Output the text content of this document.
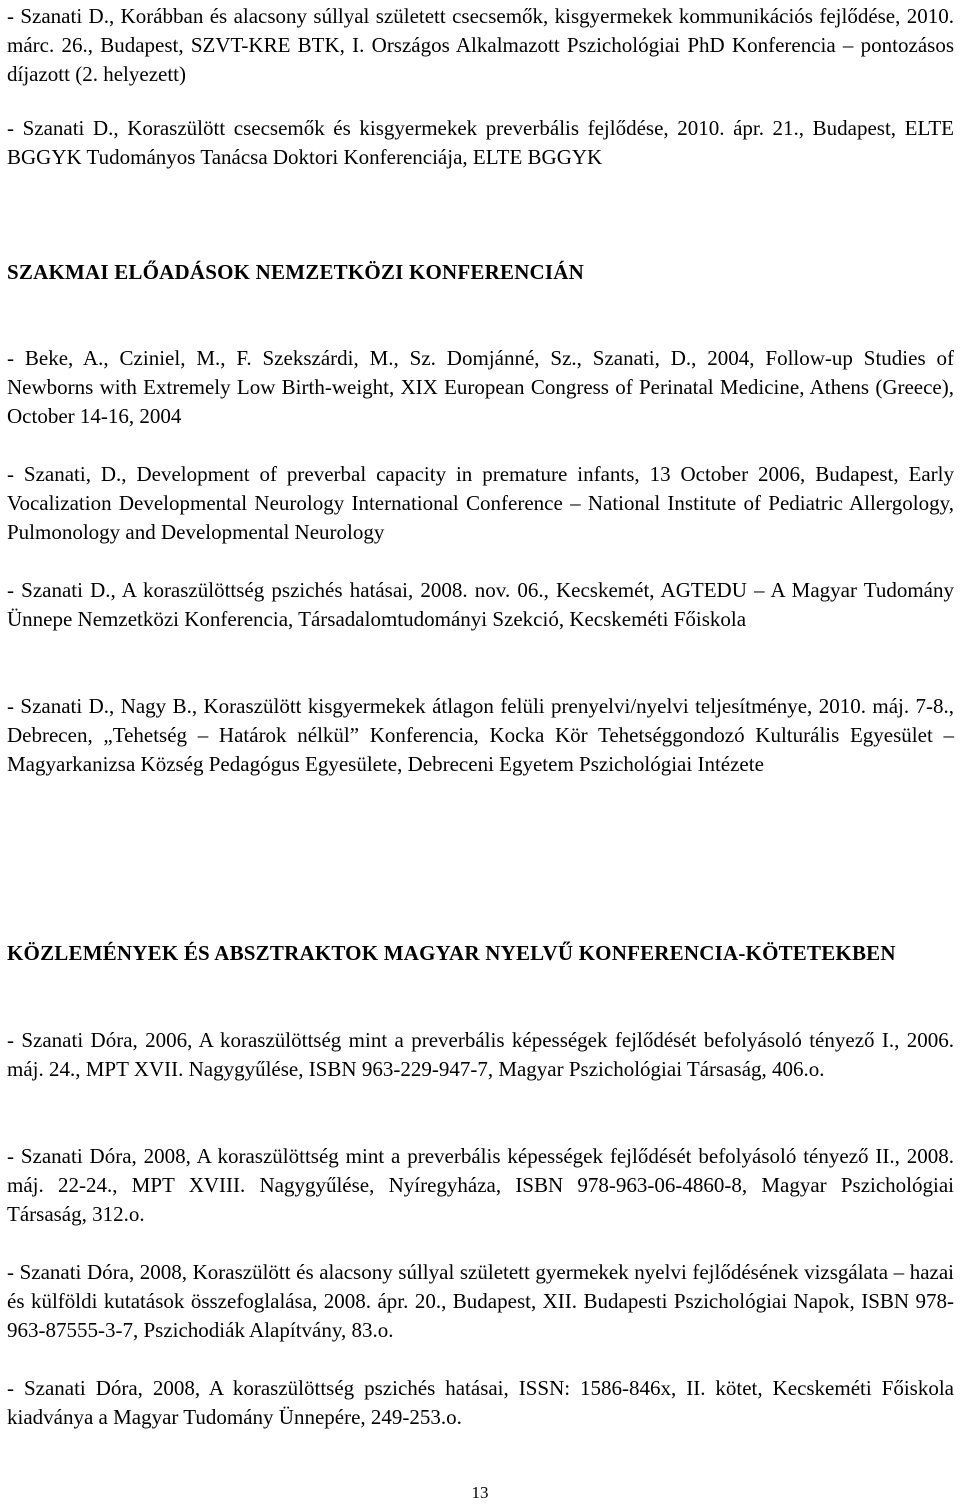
- Szanati D., Korábban és alacsony súllyal született csecsemők, kisgyermekek kommunikációs fejlődése, 2010. márc. 26., Budapest, SZVT-KRE BTK, I. Országos Alkalmazott Pszichológiai PhD Konferencia – pontozásos díjazott (2. helyezett)

- Szanati D., Koraszülött csecsemők és kisgyermekek preverbális fejlődése, 2010. ápr. 21., Budapest, ELTE BGGYK Tudományos Tanácsa Doktori Konferenciája, ELTE BGGYK

SZAKMAI ELŐADÁSOK NEMZETKÖZI KONFERENCIÁN

- Beke, A., Cziniel, M., F. Szekszárdi, M., Sz. Domjánné, Sz., Szanati, D., 2004, Follow-up Studies of Newborns with Extremely Low Birth-weight, XIX European Congress of Perinatal Medicine, Athens (Greece), October 14-16, 2004

- Szanati, D., Development of preverbal capacity in premature infants, 13 October 2006, Budapest, Early Vocalization Developmental Neurology International Conference – National Institute of Pediatric Allergology, Pulmonology and Developmental Neurology

- Szanati D., A koraszülöttség pszichés hatásai, 2008. nov. 06., Kecskemét, AGTEDU – A Magyar Tudomány Ünnepe Nemzetközi Konferencia, Társadalomtudományi Szekció, Kecskeméti Főiskola

- Szanati D., Nagy B., Koraszülött kisgyermekek átlagon felüli prenyelvi/nyelvi teljesítménye, 2010. máj. 7-8., Debrecen, „Tehetség – Határok nélkül” Konferencia, Kocka Kör Tehetséggondozó Kulturális Egyesület – Magyarkanizsa Község Pedagógus Egyesülete, Debreceni Egyetem Pszichológiai Intézete

KÖZLEMÉNYEK ÉS ABSZTRAKTOK MAGYAR NYELVŰ KONFERENCIA-KÖTETEKBEN

- Szanati Dóra, 2006, A koraszülöttség mint a preverbális képességek fejlődését befolyásoló tényező I., 2006. máj. 24., MPT XVII. Nagygyűlése, ISBN 963-229-947-7, Magyar Pszichológiai Társaság, 406.o.

- Szanati Dóra, 2008, A koraszülöttség mint a preverbális képességek fejlődését befolyásoló tényező II., 2008. máj. 22-24., MPT XVIII. Nagygyűlése, Nyíregyháza, ISBN 978-963-06-4860-8, Magyar Pszichológiai Társaság, 312.o.

- Szanati Dóra, 2008, Koraszülött és alacsony súllyal született gyermekek nyelvi fejlődésének vizsgálata – hazai és külföldi kutatások összefoglalása, 2008. ápr. 20., Budapest, XII. Budapesti Pszichológiai Napok, ISBN 978-963-87555-3-7, Pszichodiák Alapítvány, 83.o.

- Szanati Dóra, 2008, A koraszülöttség pszichés hatásai, ISSN: 1586-846x, II. kötet, Kecskeméti Főiskola kiadványa a Magyar Tudomány Ünnepére, 249-253.o.

13
